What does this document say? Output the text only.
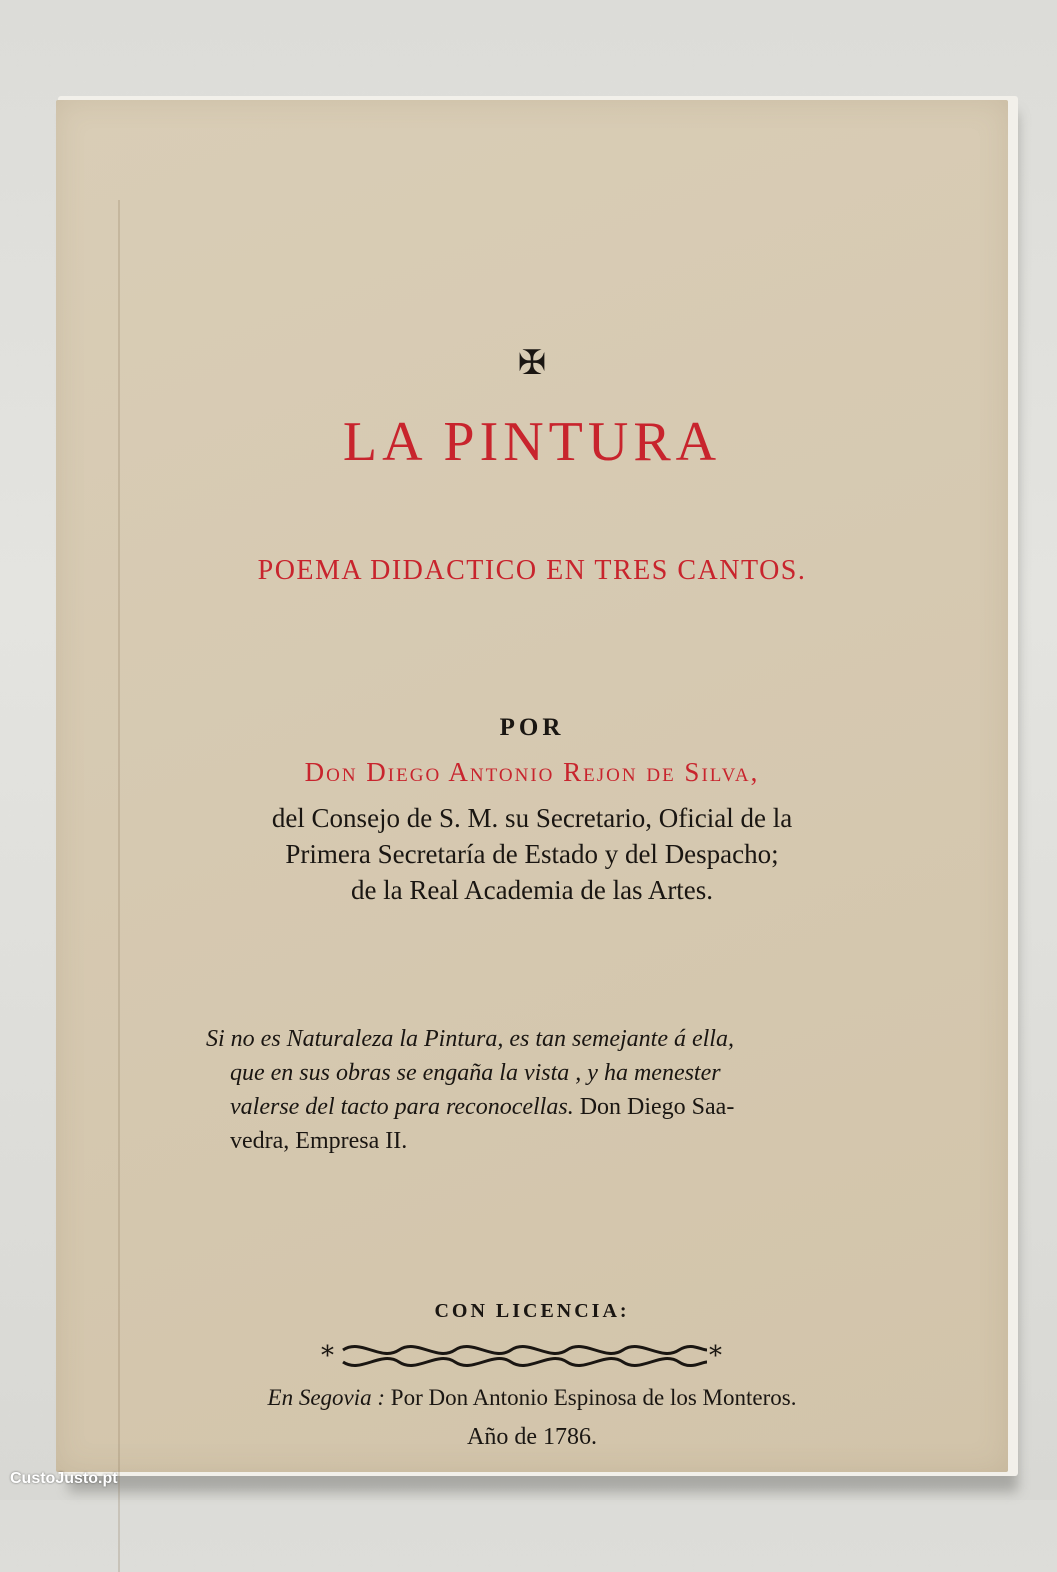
✠
LA PINTURA
POEMA DIDACTICO EN TRES CANTOS.
POR
Don Diego Antonio Rejon de Silva,
del Consejo de S. M. su Secretario, Oficial de la
Primera Secretaría de Estado y del Despacho;
de la Real Academia de las Artes.
Si no es Naturaleza la Pintura, es tan semejante á ella,
que en sus obras se engaña la vista , y ha menester
valerse del tacto para reconocellas. Don Diego Saa-
vedra, Empresa II.
CON LICENCIA:
*	*
En Segovia : Por Don Antonio Espinosa de los Monteros.
Año de 1786.
CustoJusto.pt
